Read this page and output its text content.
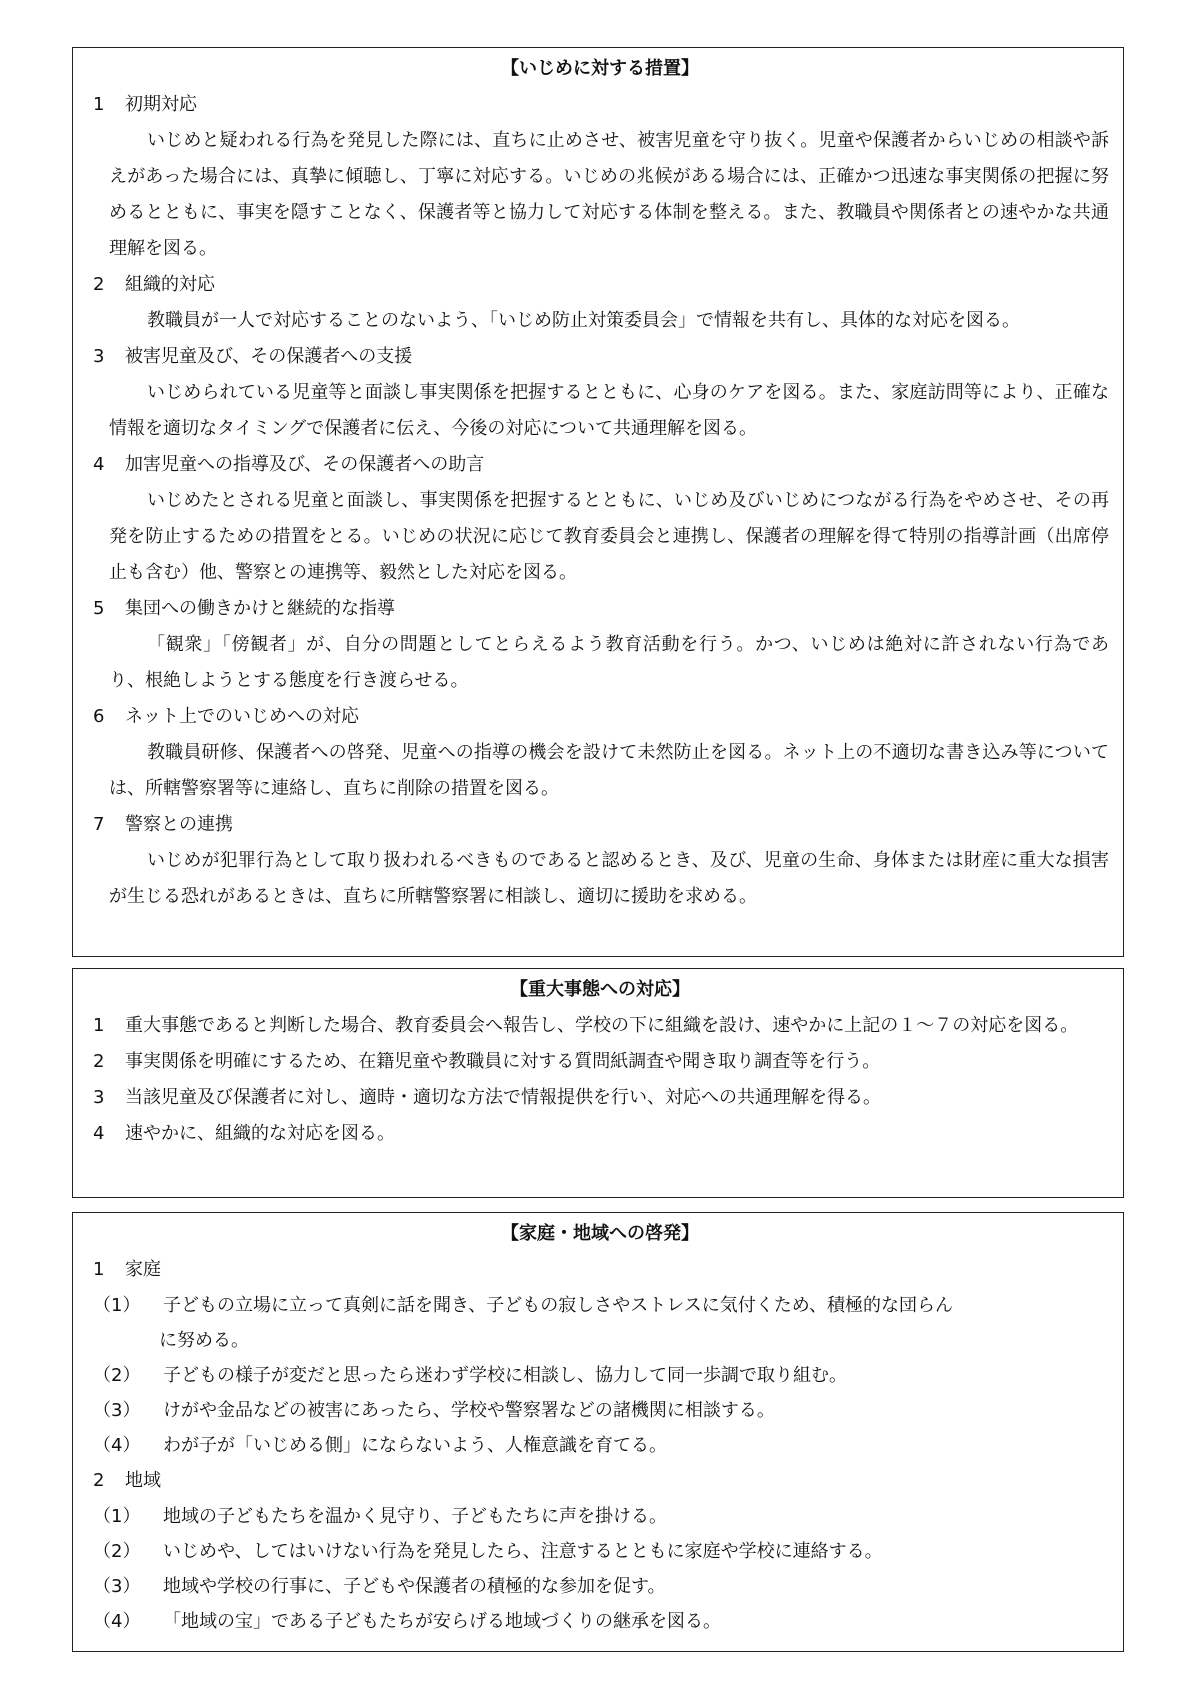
【いじめに対する措置】
1 初期対応
いじめと疑われる行為を発見した際には、直ちに止めさせ、被害児童を守り抜く。児童や保護者からいじめの相談や訴えがあった場合には、真摯に傾聴し、丁寧に対応する。いじめの兆候がある場合には、正確かつ迅速な事実関係の把握に努めるとともに、事実を隠すことなく、保護者等と協力して対応する体制を整える。また、教職員や関係者との速やかな共通理解を図る。
2 組織的対応
教職員が一人で対応することのないよう、「いじめ防止対策委員会」で情報を共有し、具体的な対応を図る。
3 被害児童及び、その保護者への支援
いじめられている児童等と面談し事実関係を把握するとともに、心身のケアを図る。また、家庭訪問等により、正確な情報を適切なタイミングで保護者に伝え、今後の対応について共通理解を図る。
4 加害児童への指導及び、その保護者への助言
いじめたとされる児童と面談し、事実関係を把握するとともに、いじめ及びいじめにつながる行為をやめさせ、その再発を防止するための措置をとる。いじめの状況に応じて教育委員会と連携し、保護者の理解を得て特別の指導計画（出席停止も含む）他、警察との連携等、毅然とした対応を図る。
5 集団への働きかけと継続的な指導
「観衆」「傍観者」が、自分の問題としてとらえるよう教育活動を行う。かつ、いじめは絶対に許されない行為であり、根絶しようとする態度を行き渡らせる。
6 ネット上でのいじめへの対応
教職員研修、保護者への啓発、児童への指導の機会を設けて未然防止を図る。ネット上の不適切な書き込み等については、所轄警察署等に連絡し、直ちに削除の措置を図る。
7 警察との連携
いじめが犯罪行為として取り扱われるべきものであると認めるとき、及び、児童の生命、身体または財産に重大な損害が生じる恐れがあるときは、直ちに所轄警察署に相談し、適切に援助を求める。
【重大事態への対応】
1	重大事態であると判断した場合、教育委員会へ報告し、学校の下に組織を設け、速やかに上記の１～７の対応を図る。
2	事実関係を明確にするため、在籍児童や教職員に対する質問紙調査や聞き取り調査等を行う。
3	当該児童及び保護者に対し、適時・適切な方法で情報提供を行い、対応への共通理解を得る。
4	速やかに、組織的な対応を図る。
【家庭・地域への啓発】
1 家庭
（1）	子どもの立場に立って真剣に話を聞き、子どもの寂しさやストレスに気付くため、積極的な団らん
に努める。
（2）	子どもの様子が変だと思ったら迷わず学校に相談し、協力して同一歩調で取り組む。
（3）	けがや金品などの被害にあったら、学校や警察署などの諸機関に相談する。
（4）	わが子が「いじめる側」にならないよう、人権意識を育てる。
2 地域
（1）	地域の子どもたちを温かく見守り、子どもたちに声を掛ける。
（2）	いじめや、してはいけない行為を発見したら、注意するとともに家庭や学校に連絡する。
（3）	地域や学校の行事に、子どもや保護者の積極的な参加を促す。
（4）	「地域の宝」である子どもたちが安らげる地域づくりの継承を図る。
